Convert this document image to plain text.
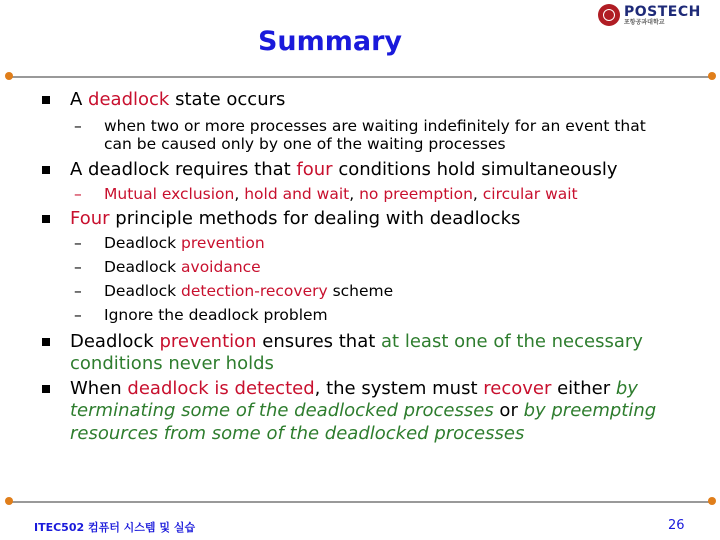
Summary
POSTECH
포항공과대학교
A deadlock state occurs
– when two or more processes are waiting indefinitely for an event that
can be caused only by one of the waiting processes
A deadlock requires that four conditions hold simultaneously
– Mutual exclusion, hold and wait, no preemption, circular wait
Four principle methods for dealing with deadlocks
– Deadlock prevention
– Deadlock avoidance
– Deadlock detection-recovery scheme
– Ignore the deadlock problem
Deadlock prevention ensures that at least one of the necessary
conditions never holds
When deadlock is detected, the system must recover either by
terminating some of the deadlocked processes or by preempting
resources from some of the deadlocked processes
ITEC502 컴퓨터 시스템 및 실습	26
